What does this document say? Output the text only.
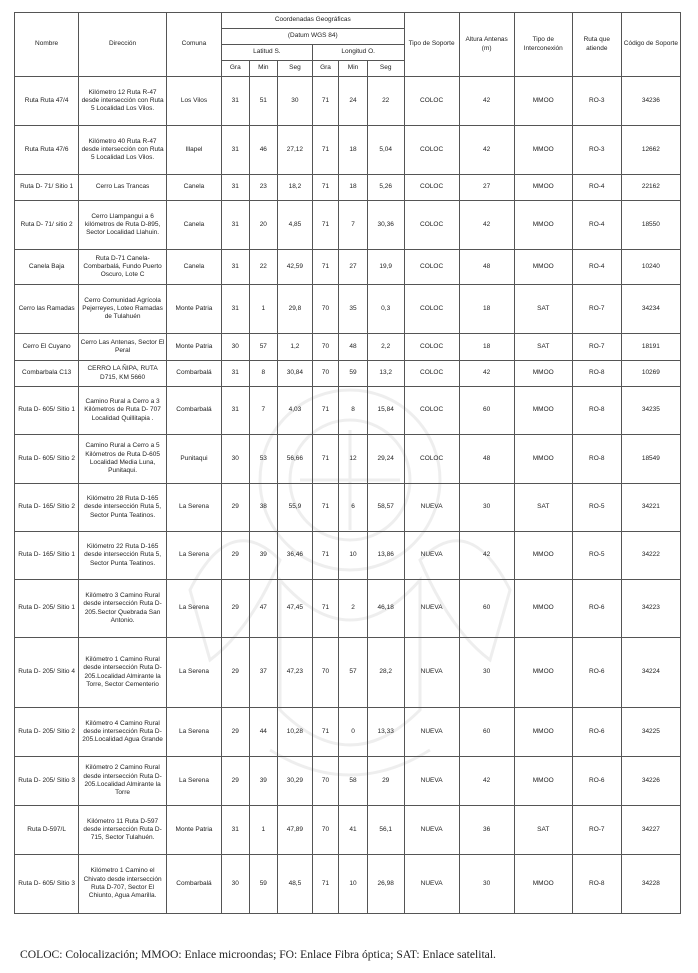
Nombre	Dirección	Comuna	Coordenadas Geográficas						Tipo de Soporte	Altura Antenas (m)	Tipo de Interconexión	Ruta que atiende	Código de Soporte
			(Datum WGS 84)										
			Latitud S.			Longitud O.							
			Gra	Min	Seg	Gra	Min	Seg					
Ruta Ruta 47/4	Kilómetro 12 Ruta R-47 desde intersección con Ruta 5 Localidad Los Vilos.	Los Vilos	31	51	30	71	24	22	COLOC	42	MMOO	RO-3	34236
Ruta Ruta 47/6	Kilómetro 40 Ruta R-47 desde intersección con Ruta 5 Localidad Los Vilos.	Illapel	31	46	27,12	71	18	5,04	COLOC	42	MMOO	RO-3	12662
Ruta D- 71/ Sitio 1	Cerro Las Trancas	Canela	31	23	18,2	71	18	5,26	COLOC	27	MMOO	RO-4	22162
Ruta D- 71/ sitio 2	Cerro Llampangui a 6 kilómetros de Ruta D-895, Sector Localidad Llahuin.	Canela	31	20	4,85	71	7	30,36	COLOC	42	MMOO	RO-4	18550
Canela Baja	Ruta D-71 Canela-Combarbalá, Fundo Puerto Oscuro, Lote C	Canela	31	22	42,59	71	27	19,9	COLOC	48	MMOO	RO-4	10240
Cerro las Ramadas	Cerro Comunidad Agrícola Pejerreyes, Loteo Ramadas de Tulahuén	Monte Patria	31	1	29,8	70	35	0,3	COLOC	18	SAT	RO-7	34234
Cerro El Cuyano	Cerro Las Antenas, Sector El Peral	Monte Patria	30	57	1,2	70	48	2,2	COLOC	18	SAT	RO-7	18191
Combarbala C13	CERRO LA ÑIPA, RUTA D715, KM 5660	Combarbalá	31	8	30,84	70	59	13,2	COLOC	42	MMOO	RO-8	10269
Ruta D- 605/ Sitio 1	Camino Rural a Cerro a 3 Kilómetros de Ruta D- 707 Localidad Quillitapia .	Combarbalá	31	7	4,03	71	8	15,84	COLOC	60	MMOO	RO-8	34235
Ruta D- 605/ Sitio 2	Camino Rural a Cerro a 5 Kilómetros de Ruta D-605 Localidad Media Luna, Punitaqui.	Punitaqui	30	53	56,66	71	12	29,24	COLOC	48	MMOO	RO-8	18549
Ruta D- 165/ Sitio 2	Kilómetro 28 Ruta D-165 desde intersección Ruta 5, Sector Punta Teatinos.	La Serena	29	38	55,9	71	6	58,57	NUEVA	30	SAT	RO-5	34221
Ruta D- 165/ Sitio 1	Kilómetro 22 Ruta D-165 desde intersección Ruta 5, Sector Punta Teatinos.	La Serena	29	39	36,46	71	10	13,86	NUEVA	42	MMOO	RO-5	34222
Ruta D- 205/ Sitio 1	Kilómetro 3 Camino Rural desde intersección Ruta D-205.Sector Quebrada San Antonio.	La Serena	29	47	47,45	71	2	46,18	NUEVA	60	MMOO	RO-6	34223
Ruta D- 205/ Sitio 4	Kilómetro 1 Camino Rural desde intersección Ruta D-205.Localidad Almirante la Torre, Sector Cementerio	La Serena	29	37	47,23	70	57	28,2	NUEVA	30	MMOO	RO-6	34224
Ruta D- 205/ Sitio 2	Kilómetro 4 Camino Rural desde intersección Ruta D-205.Localidad Agua Grande	La Serena	29	44	10,28	71	0	13,33	NUEVA	60	MMOO	RO-6	34225
Ruta D- 205/ Sitio 3	Kilómetro 2 Camino Rural desde intersección Ruta D-205.Localidad Almirante la Torre	La Serena	29	39	30,29	70	58	29	NUEVA	42	MMOO	RO-6	34226
Ruta D-597/L	Kilómetro 11 Ruta D-597 desde intersección Ruta D-715, Sector Tulahuén.	Monte Patria	31	1	47,89	70	41	56,1	NUEVA	36	SAT	RO-7	34227
Ruta D- 605/ Sitio 3	Kilómetro 1 Camino el Chivato desde intersección Ruta D-707, Sector El Chiunto, Agua Amarilla.	Combarbalá	30	59	48,5	71	10	26,98	NUEVA	30	MMOO	RO-8	34228
COLOC: Colocalización; MMOO: Enlace microondas; FO: Enlace Fibra óptica; SAT: Enlace satelital.
